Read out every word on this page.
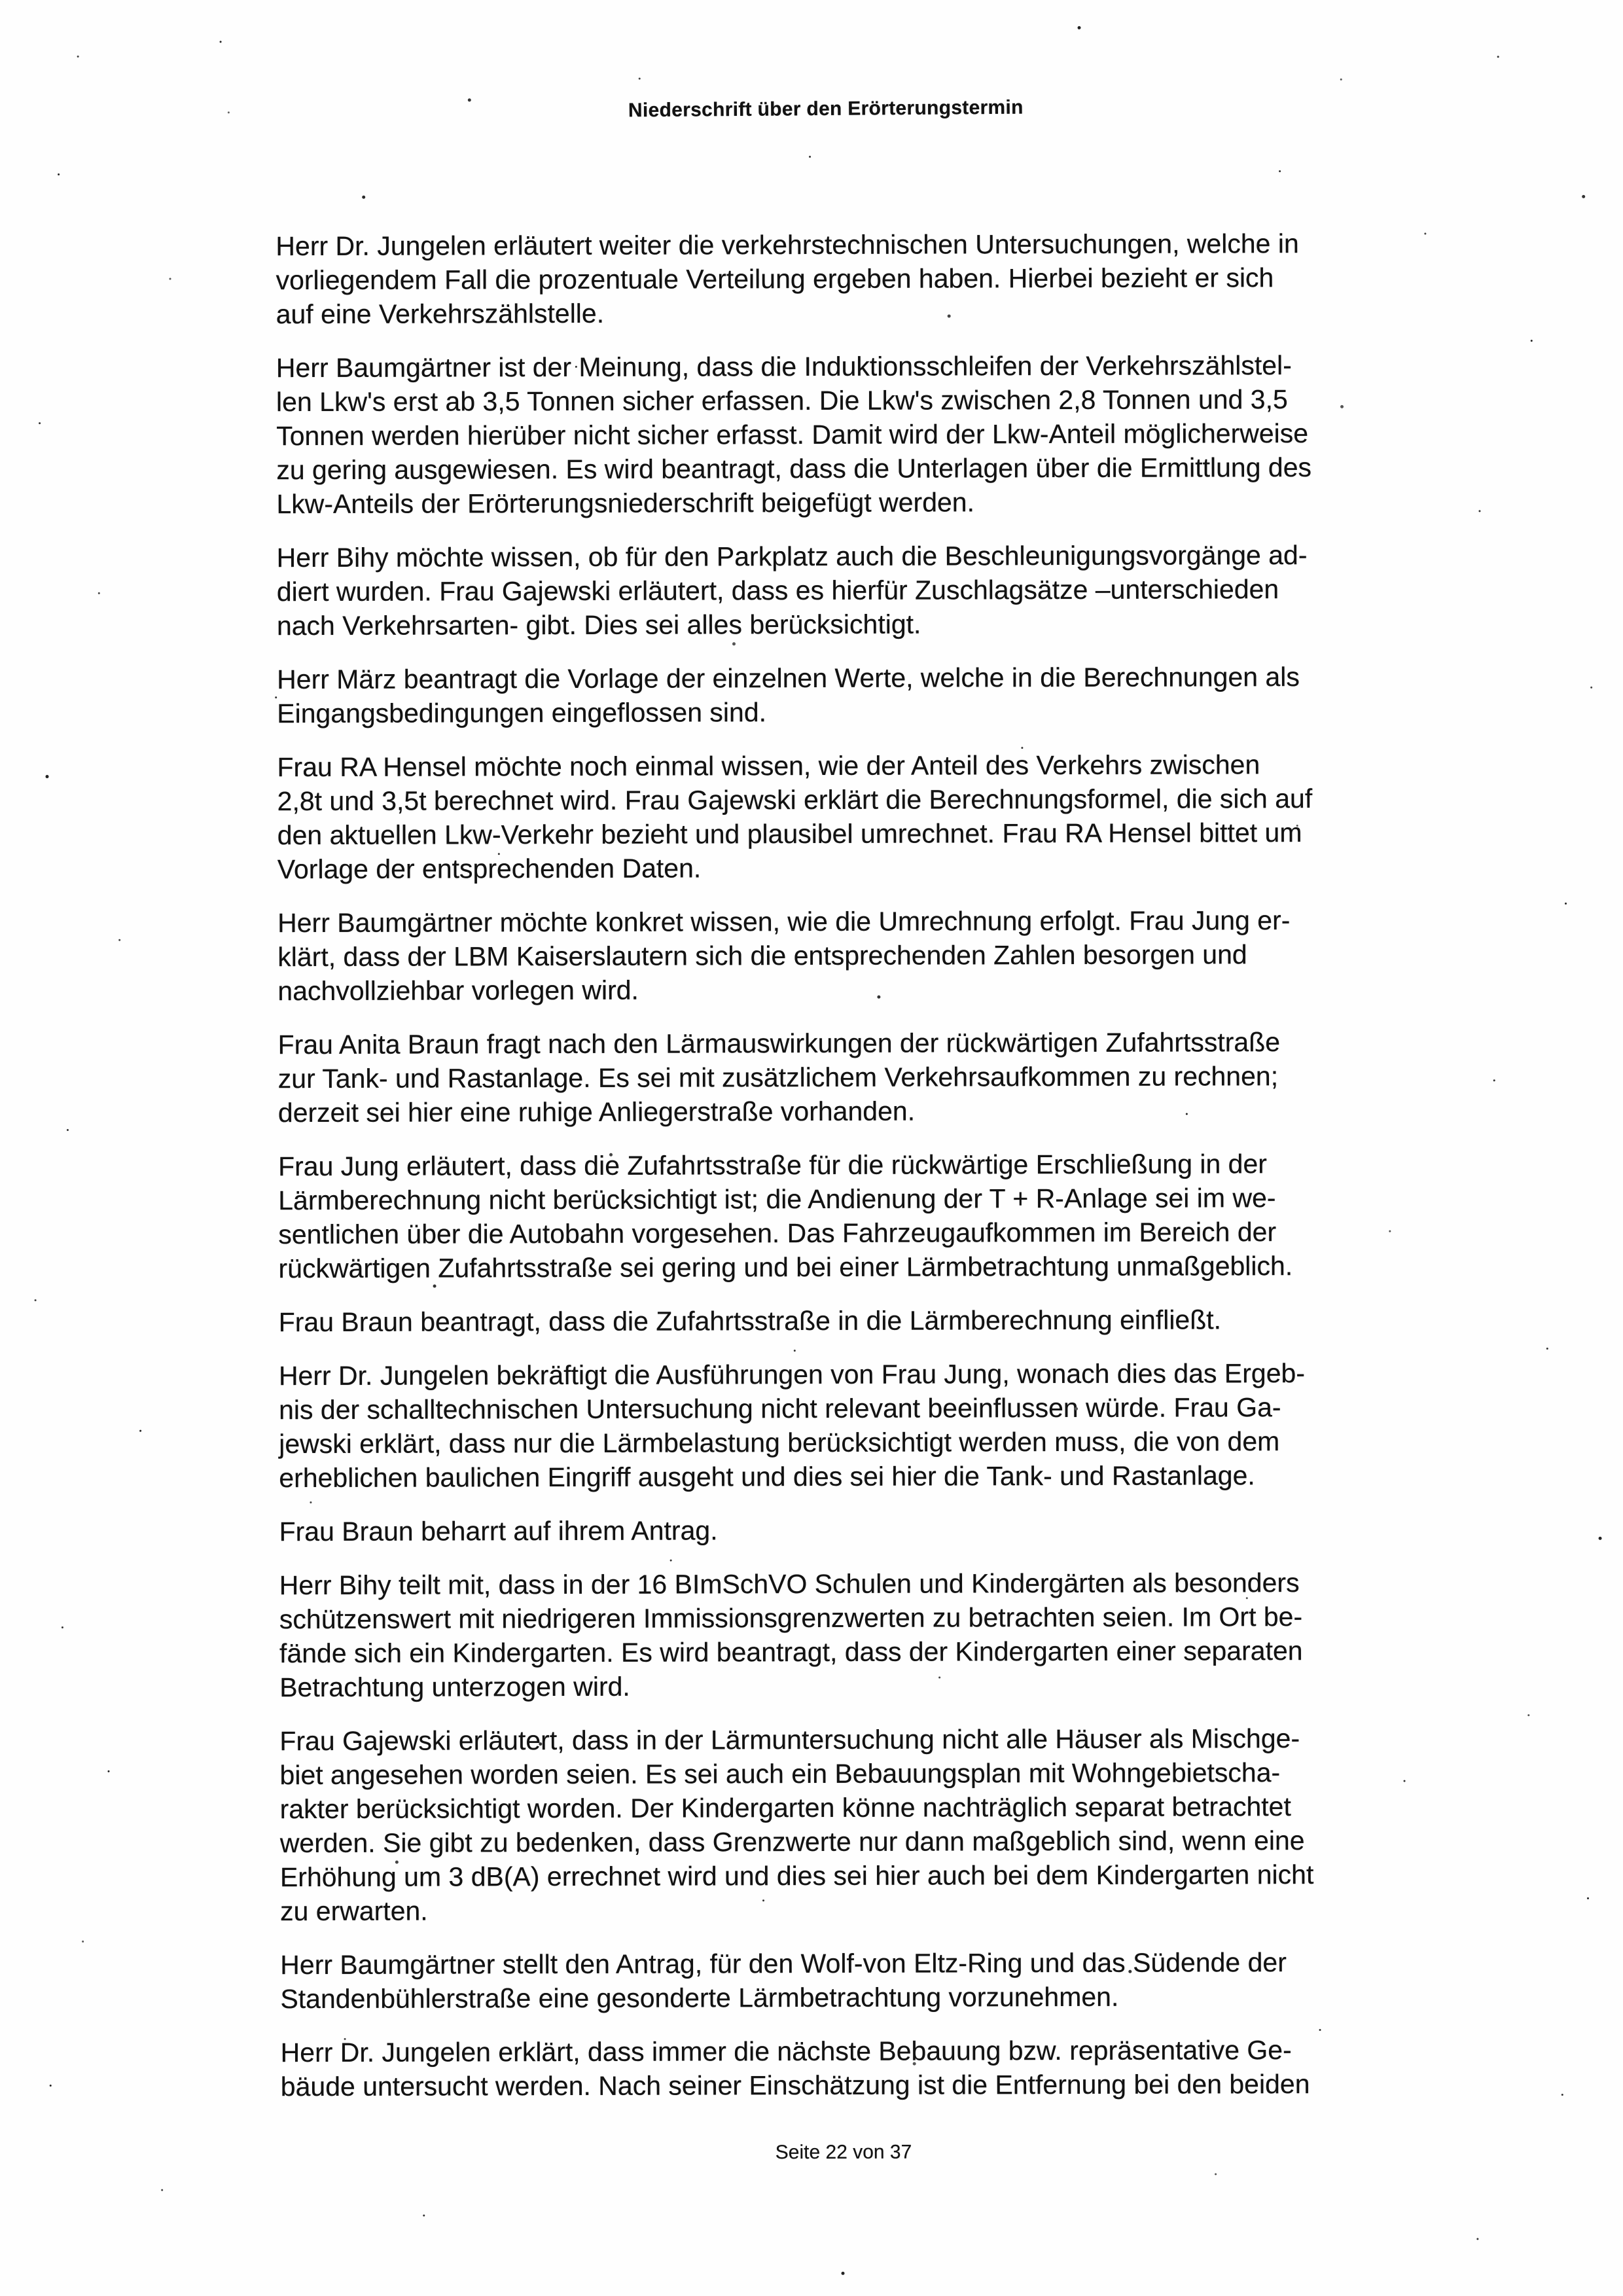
Niederschrift über den Erörterungstermin

Herr Dr. Jungelen erläutert weiter die verkehrstechnischen Untersuchungen, welche in
vorliegendem Fall die prozentuale Verteilung ergeben haben. Hierbei bezieht er sich
auf eine Verkehrszählstelle.

Herr Baumgärtner ist der Meinung, dass die Induktionsschleifen der Verkehrszählstel-
len Lkw's erst ab 3,5 Tonnen sicher erfassen. Die Lkw's zwischen 2,8 Tonnen und 3,5
Tonnen werden hierüber nicht sicher erfasst. Damit wird der Lkw-Anteil möglicherweise
zu gering ausgewiesen. Es wird beantragt, dass die Unterlagen über die Ermittlung des
Lkw-Anteils der Erörterungsniederschrift beigefügt werden.

Herr Bihy möchte wissen, ob für den Parkplatz auch die Beschleunigungsvorgänge ad-
diert wurden. Frau Gajewski erläutert, dass es hierfür Zuschlagsätze –unterschieden
nach Verkehrsarten- gibt. Dies sei alles berücksichtigt.

Herr März beantragt die Vorlage der einzelnen Werte, welche in die Berechnungen als
Eingangsbedingungen eingeflossen sind.

Frau RA Hensel möchte noch einmal wissen, wie der Anteil des Verkehrs zwischen
2,8t und 3,5t berechnet wird. Frau Gajewski erklärt die Berechnungsformel, die sich auf
den aktuellen Lkw-Verkehr bezieht und plausibel umrechnet. Frau RA Hensel bittet um
Vorlage der entsprechenden Daten.

Herr Baumgärtner möchte konkret wissen, wie die Umrechnung erfolgt. Frau Jung er-
klärt, dass der LBM Kaiserslautern sich die entsprechenden Zahlen besorgen und
nachvollziehbar vorlegen wird.

Frau Anita Braun fragt nach den Lärmauswirkungen der rückwärtigen Zufahrtsstraße
zur Tank- und Rastanlage. Es sei mit zusätzlichem Verkehrsaufkommen zu rechnen;
derzeit sei hier eine ruhige Anliegerstraße vorhanden.

Frau Jung erläutert, dass die Zufahrtsstraße für die rückwärtige Erschließung in der
Lärmberechnung nicht berücksichtigt ist; die Andienung der T + R-Anlage sei im we-
sentlichen über die Autobahn vorgesehen. Das Fahrzeugaufkommen im Bereich der
rückwärtigen Zufahrtsstraße sei gering und bei einer Lärmbetrachtung unmaßgeblich.

Frau Braun beantragt, dass die Zufahrtsstraße in die Lärmberechnung einfließt.

Herr Dr. Jungelen bekräftigt die Ausführungen von Frau Jung, wonach dies das Ergeb-
nis der schalltechnischen Untersuchung nicht relevant beeinflussen würde. Frau Ga-
jewski erklärt, dass nur die Lärmbelastung berücksichtigt werden muss, die von dem
erheblichen baulichen Eingriff ausgeht und dies sei hier die Tank- und Rastanlage.

Frau Braun beharrt auf ihrem Antrag.

Herr Bihy teilt mit, dass in der 16 BImSchVO Schulen und Kindergärten als besonders
schützenswert mit niedrigeren Immissionsgrenzwerten zu betrachten seien. Im Ort be-
fände sich ein Kindergarten. Es wird beantragt, dass der Kindergarten einer separaten
Betrachtung unterzogen wird.

Frau Gajewski erläutert, dass in der Lärmuntersuchung nicht alle Häuser als Mischge-
biet angesehen worden seien. Es sei auch ein Bebauungsplan mit Wohngebietscha-
rakter berücksichtigt worden. Der Kindergarten könne nachträglich separat betrachtet
werden. Sie gibt zu bedenken, dass Grenzwerte nur dann maßgeblich sind, wenn eine
Erhöhung um 3 dB(A) errechnet wird und dies sei hier auch bei dem Kindergarten nicht
zu erwarten.

Herr Baumgärtner stellt den Antrag, für den Wolf-von Eltz-Ring und das Südende der
Standenbühlerstraße eine gesonderte Lärmbetrachtung vorzunehmen.

Herr Dr. Jungelen erklärt, dass immer die nächste Bebauung bzw. repräsentative Ge-
bäude untersucht werden. Nach seiner Einschätzung ist die Entfernung bei den beiden

Seite 22 von 37
